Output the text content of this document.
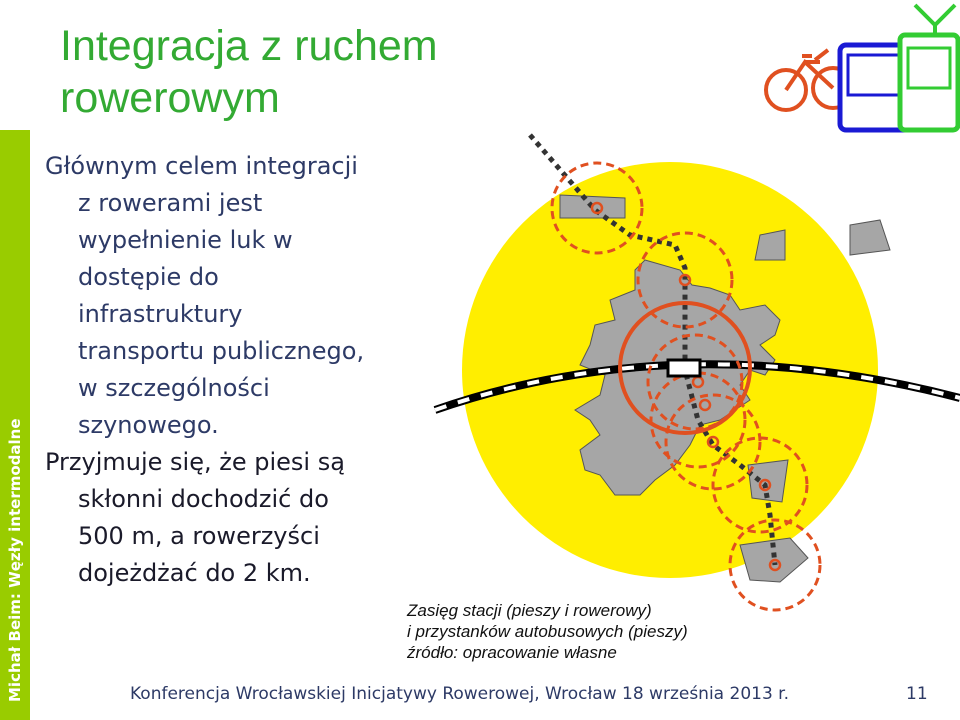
Michał Beim: Węzły intermodalne
Integracja z ruchem
rowerowym
Głównym celem integracji
z rowerami jest
wypełnienie luk w
dostępie do
infrastruktury
transportu publicznego,
w szczególności
szynowego.
Przyjmuje się, że piesi są
skłonni dochodzić do
500 m, a rowerzyści
dojeżdżać do 2 km.
Zasięg stacji (pieszy i rowerowy)
i przystanków autobusowych (pieszy)
źródło: opracowanie własne
Konferencja Wrocławskiej Inicjatywy Rowerowej, Wrocław 18 września 2013 r.	11
